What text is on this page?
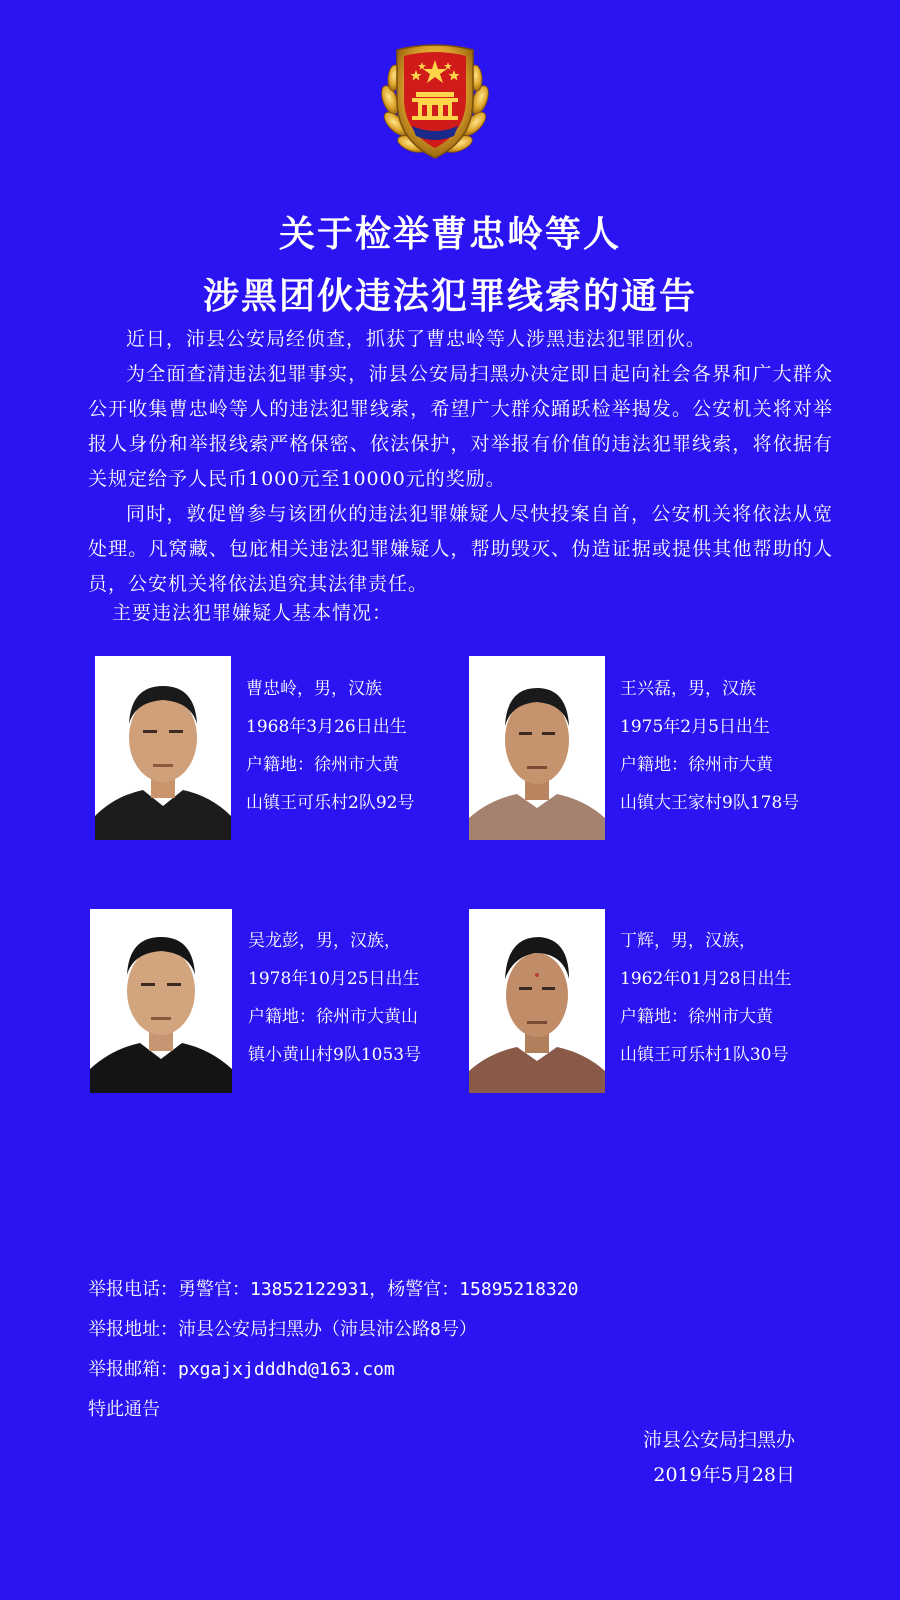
关于检举曹忠岭等人
涉黑团伙违法犯罪线索的通告

近日，沛县公安局经侦查，抓获了曹忠岭等人涉黑违法犯罪团伙。

为全面查清违法犯罪事实，沛县公安局扫黑办决定即日起向社会各界和广大群众公开收集曹忠岭等人的违法犯罪线索，希望广大群众踊跃检举揭发。公安机关将对举报人身份和举报线索严格保密、依法保护，对举报有价值的违法犯罪线索，将依据有关规定给予人民币1000元至10000元的奖励。

同时，敦促曾参与该团伙的违法犯罪嫌疑人尽快投案自首，公安机关将依法从宽处理。凡窝藏、包庇相关违法犯罪嫌疑人，帮助毁灭、伪造证据或提供其他帮助的人员，公安机关将依法追究其法律责任。

主要违法犯罪嫌疑人基本情况：
曹忠岭，男，汉族
1968年3月26日出生
户籍地：徐州市大黄
山镇王可乐村2队92号
王兴磊，男，汉族
1975年2月5日出生
户籍地：徐州市大黄
山镇大王家村9队178号
吴龙彭，男，汉族，
1978年10月25日出生
户籍地：徐州市大黄山
镇小黄山村9队1053号
丁辉，男，汉族，
1962年01月28日出生
户籍地：徐州市大黄
山镇王可乐村1队30号
举报电话：勇警官：13852122931，杨警官：15895218320
举报地址：沛县公安局扫黑办（沛县沛公路8号）
举报邮箱：pxgajxjdddhd@163.com
特此通告
沛县公安局扫黑办
2019年5月28日
